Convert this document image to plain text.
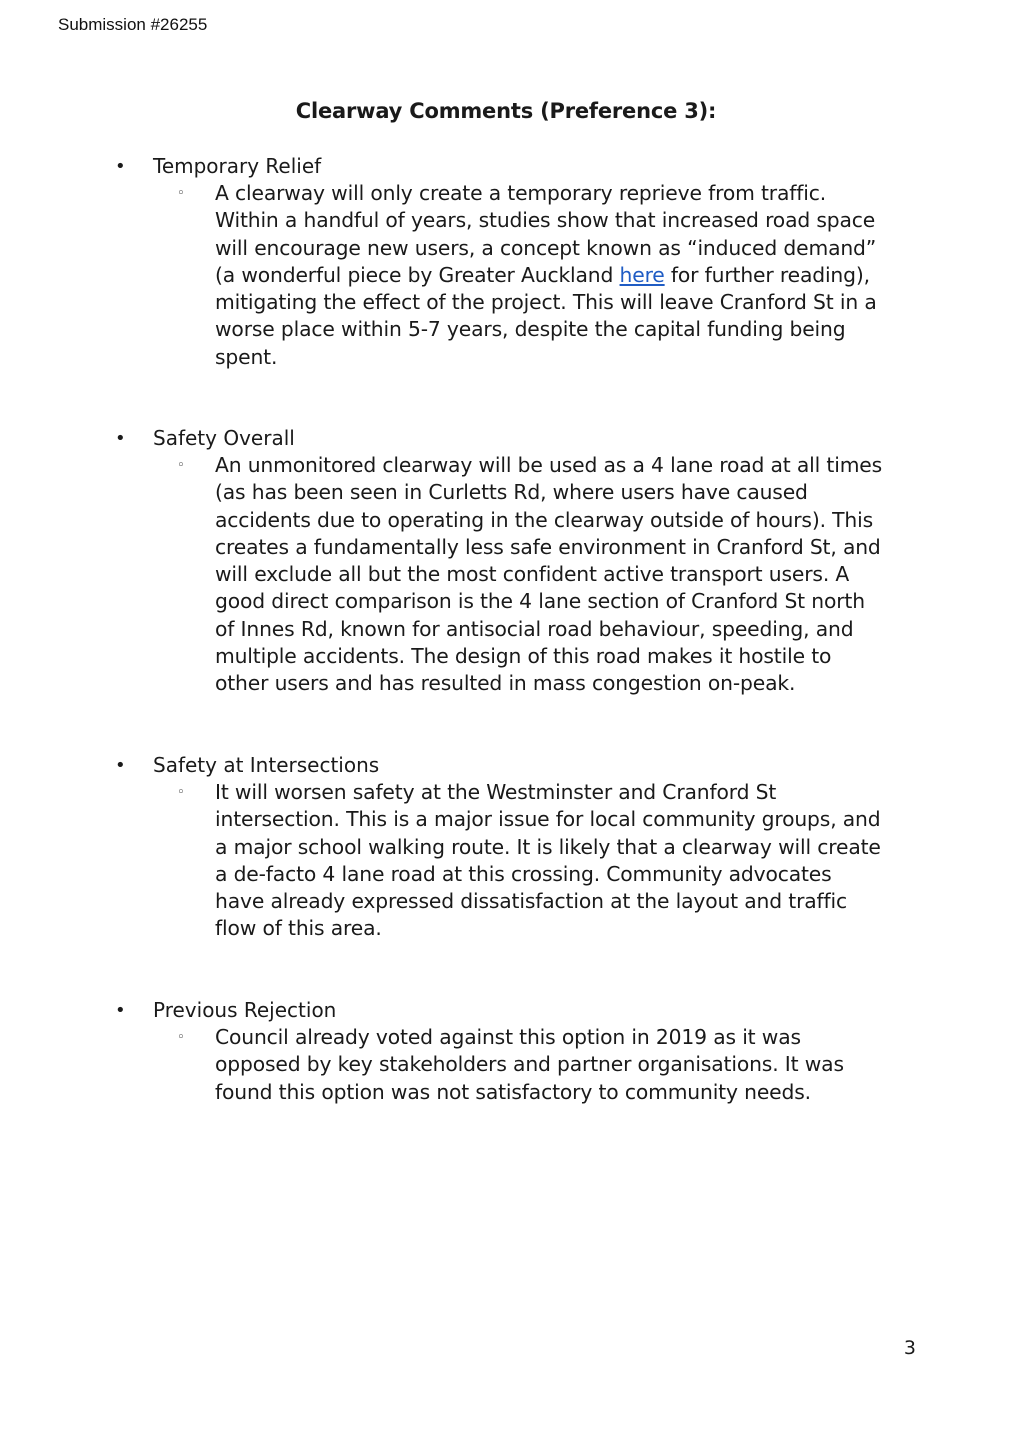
Submission #26255
Clearway Comments (Preference 3):
• Temporary Relief
◦ A clearway will only create a temporary reprieve from traffic.
Within a handful of years, studies show that increased road space
will encourage new users, a concept known as “induced demand”
(a wonderful piece by Greater Auckland here for further reading),
mitigating the effect of the project. This will leave Cranford St in a
worse place within 5-7 years, despite the capital funding being
spent.
• Safety Overall
◦ An unmonitored clearway will be used as a 4 lane road at all times
(as has been seen in Curletts Rd, where users have caused
accidents due to operating in the clearway outside of hours). This
creates a fundamentally less safe environment in Cranford St, and
will exclude all but the most confident active transport users. A
good direct comparison is the 4 lane section of Cranford St north
of Innes Rd, known for antisocial road behaviour, speeding, and
multiple accidents. The design of this road makes it hostile to
other users and has resulted in mass congestion on-peak.
• Safety at Intersections
◦ It will worsen safety at the Westminster and Cranford St
intersection. This is a major issue for local community groups, and
a major school walking route. It is likely that a clearway will create
a de-facto 4 lane road at this crossing. Community advocates
have already expressed dissatisfaction at the layout and traffic
flow of this area.
• Previous Rejection
◦ Council already voted against this option in 2019 as it was
opposed by key stakeholders and partner organisations. It was
found this option was not satisfactory to community needs.
3
